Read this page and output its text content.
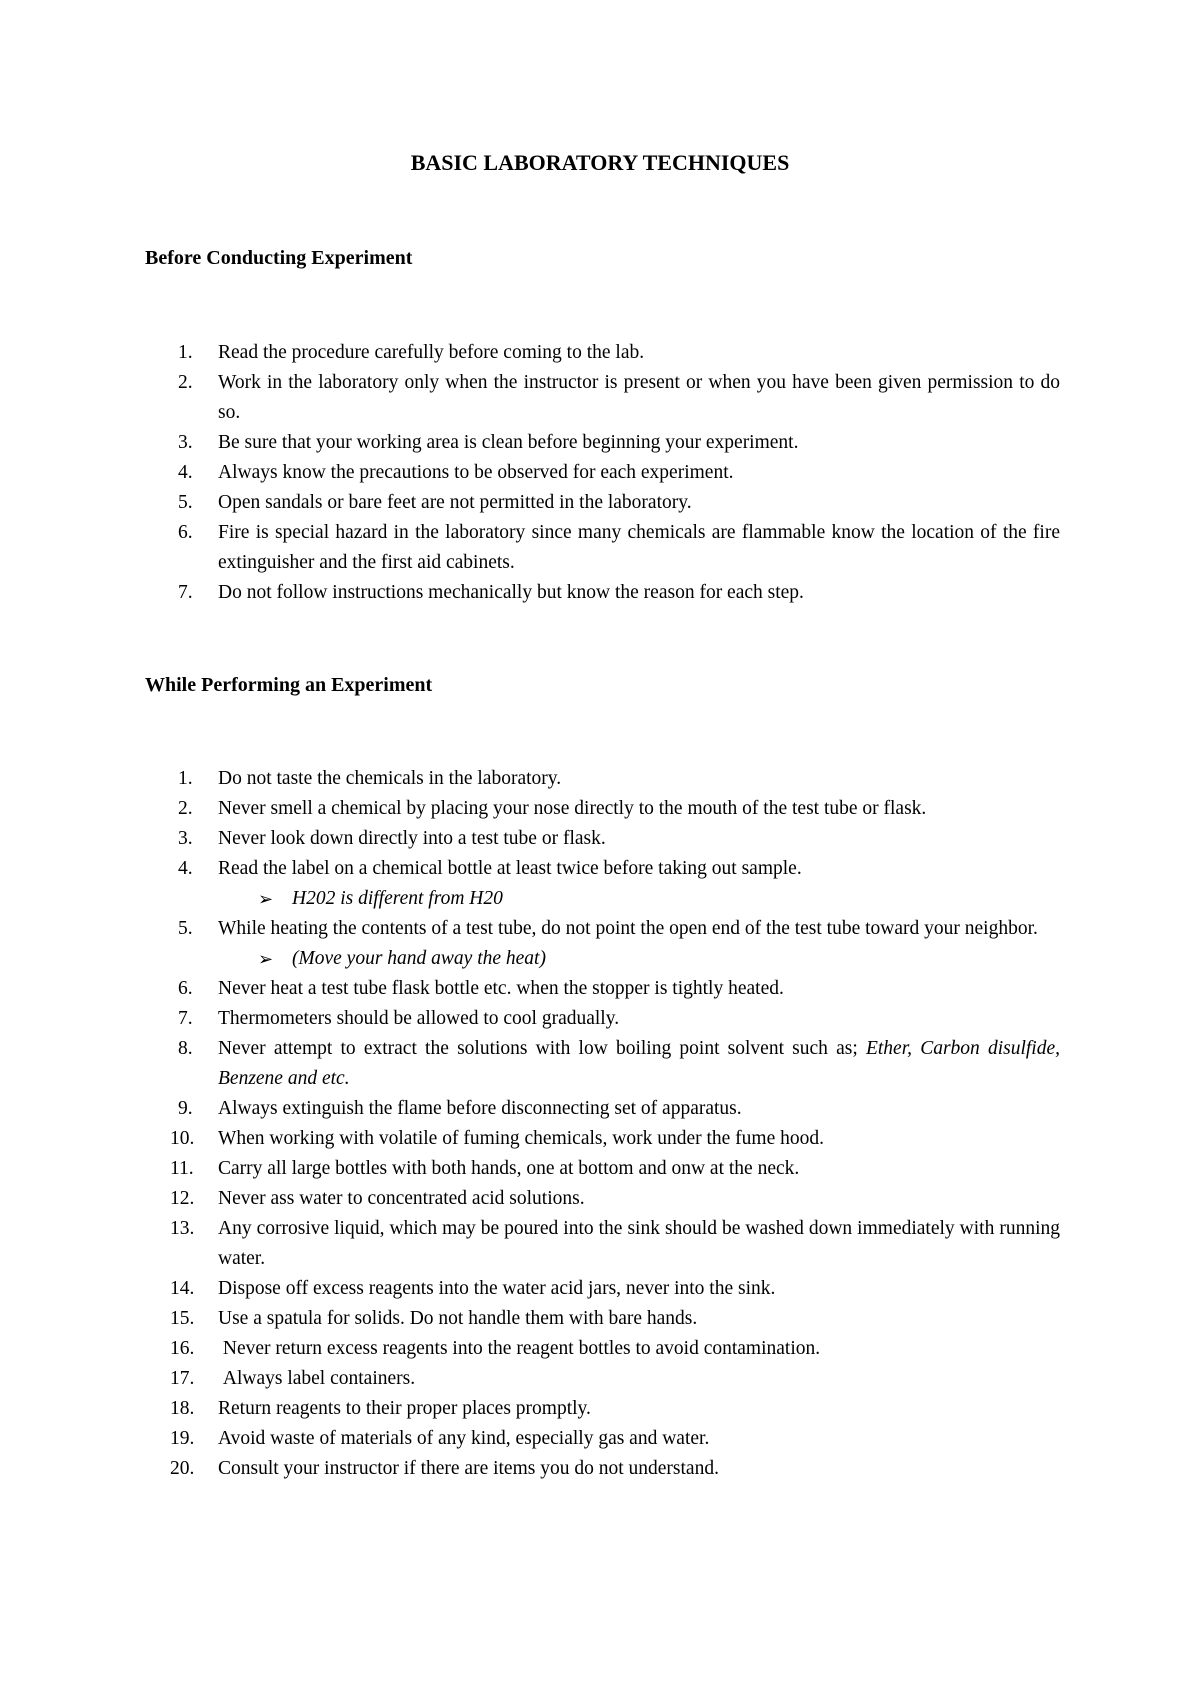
BASIC LABORATORY TECHNIQUES
Before Conducting Experiment
1.	Read the procedure carefully before coming to the lab.
2.	Work in the laboratory only when the instructor is present or when you have been given permission to do so.
3.	Be sure that your working area is clean before beginning your experiment.
4.	Always know the precautions to be observed for each experiment.
5.	Open sandals or bare feet are not permitted in the laboratory.
6.	Fire is special hazard in the laboratory since many chemicals are flammable know the location of the fire extinguisher and the first aid cabinets.
7.	Do not follow instructions mechanically but know the reason for each step.
While Performing an Experiment
1.	Do not taste the chemicals in the laboratory.
2.	Never smell a chemical by placing your nose directly to the mouth of the test tube or flask.
3.	Never look down directly into a test tube or flask.
4.	Read the label on a chemical bottle at least twice before taking out sample.
➢ H202 is different from H20
5.	While heating the contents of a test tube, do not point the open end of the test tube toward your neighbor.
➢ (Move your hand away the heat)
6.	Never heat a test tube flask bottle etc. when the stopper is tightly heated.
7.	Thermometers should be allowed to cool gradually.
8.	Never attempt to extract the solutions with low boiling point solvent such as; Ether, Carbon disulfide, Benzene and etc.
9.	Always extinguish the flame before disconnecting set of apparatus.
10.	When working with volatile of fuming chemicals, work under the fume hood.
11.	Carry all large bottles with both hands, one at bottom and onw at the neck.
12.	Never ass water to concentrated acid solutions.
13.	Any corrosive liquid, which may be poured into the sink should be washed down immediately with running water.
14.	Dispose off excess reagents into the water acid jars, never into the sink.
15.	Use a spatula for solids. Do not handle them with bare hands.
16.	Never return excess reagents into the reagent bottles to avoid contamination.
17.	Always label containers.
18.	Return reagents to their proper places promptly.
19.	Avoid waste of materials of any kind, especially gas and water.
20.	Consult your instructor if there are items you do not understand.
